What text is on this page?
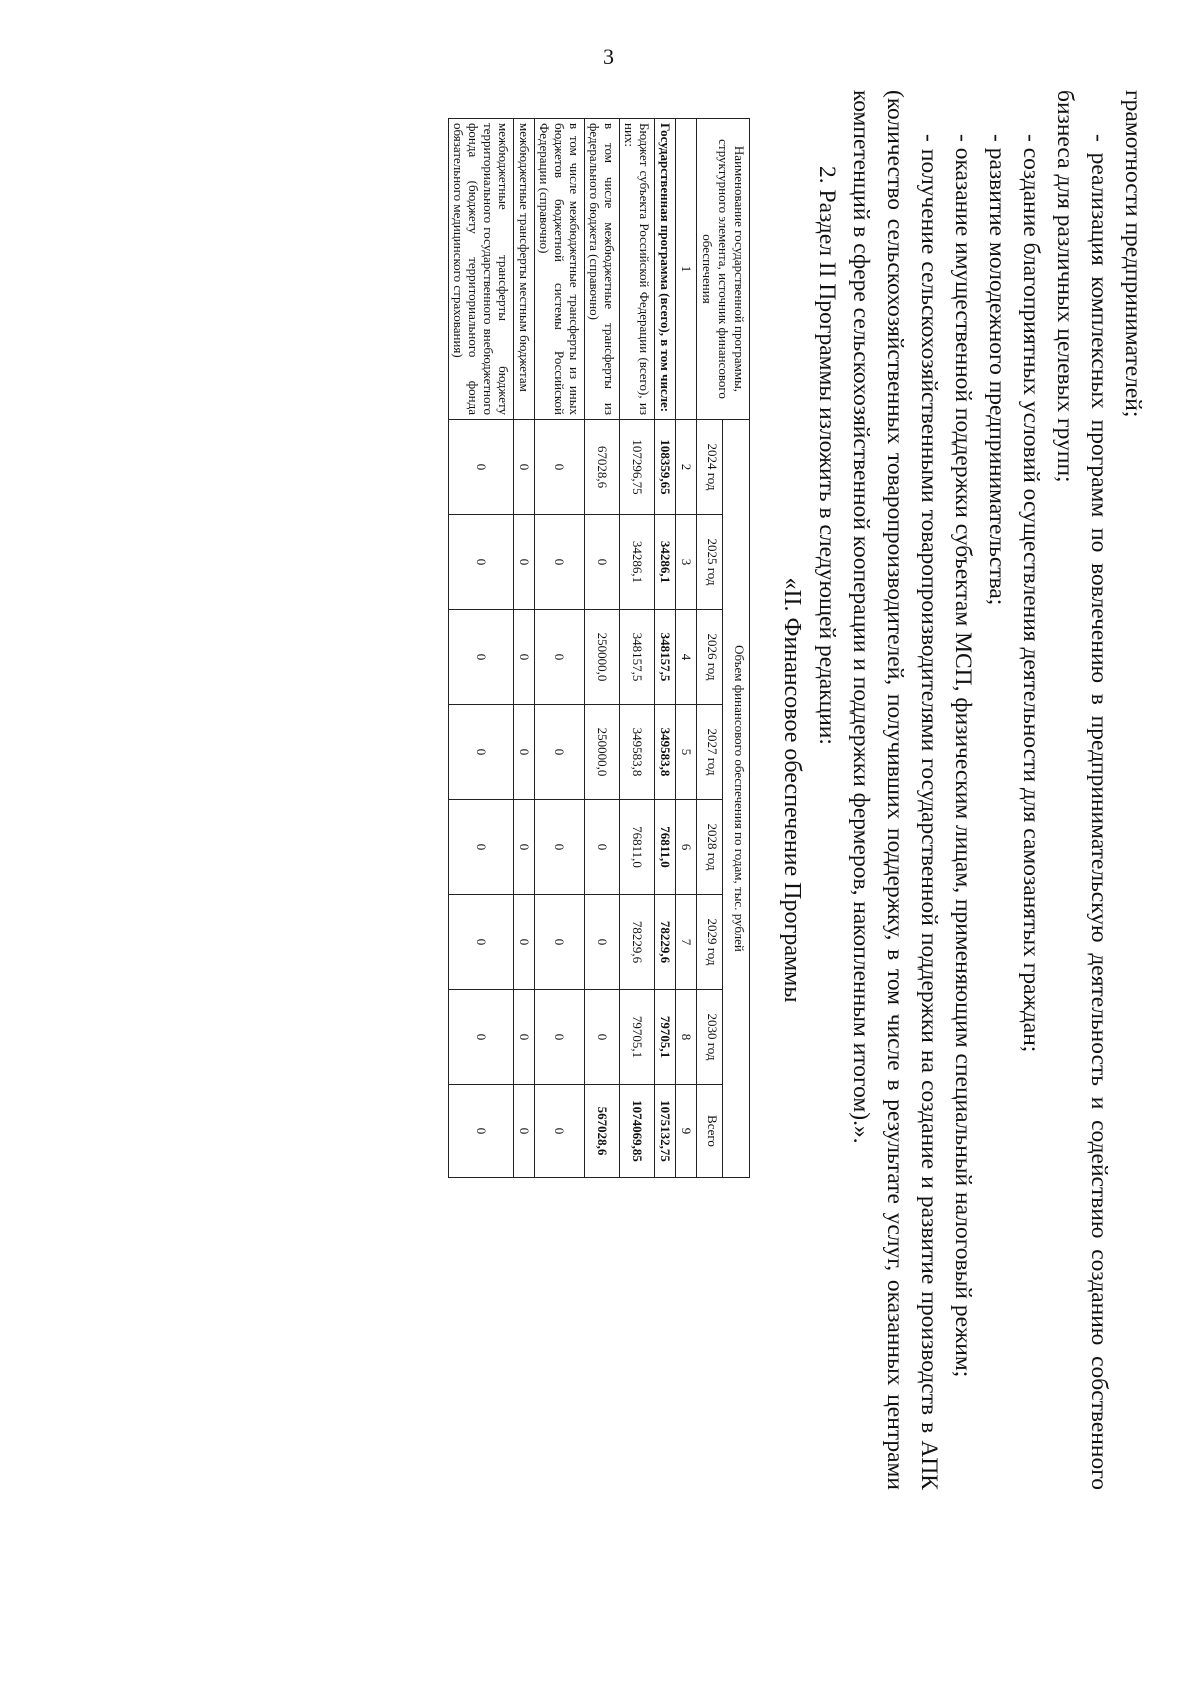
3

грамотности предпринимателей;

- реализация комплексных программ по вовлечению в предпринимательскую деятельность и содействию созданию собственного бизнеса для различных целевых групп;

- создание благоприятных условий осуществления деятельности для самозанятых граждан;

- развитие молодежного предпринимательства;

- оказание имущественной поддержки субъектам МСП, физическим лицам, применяющим специальный налоговый режим;

- получение сельскохозяйственными товаропроизводителями государственной поддержки на создание и развитие производств в АПК (количество сельскохозяйственных товаропроизводителей, получивших поддержку, в том числе в результате услуг, оказанных центрами компетенций в сфере сельскохозяйственной кооперации и поддержки фермеров, накопленным итогом).».

2. Раздел II Программы изложить в следующей редакции:

«II. Финансовое обеспечение Программы
Наименование государственной программы, структурного элемента, источник финансового обеспечения	Объем финансового обеспечения по годам, тыс. рублей							
	2024 год	2025 год	2026 год	2027 год	2028 год	2029 год	2030 год	Всего
1	2	3	4	5	6	7	8	9
Государственная программа (всего), в том числе:	108359,65	34286,1	348157,5	349583,8	76811,0	78229,6	79705,1	1075132,75
Бюджет субъекта Российской Федерации (всего), из них:	107296,75	34286,1	348157,5	349583,8	76811,0	78229,6	79705,1	1074069,85
в том числе межбюджетные трансферты из федерального бюджета (справочно)	67028,6	0	250000,0	250000,0	0	0	0	567028,6
в том числе межбюджетные трансферты из иных бюджетов бюджетной системы Российской Федерации (справочно)	0	0	0	0	0	0	0	0
межбюджетные трансферты местным бюджетам	0	0	0	0	0	0	0	0
межбюджетные трансферты бюджету территориального государственного внебюджетного фонда (бюджету территориального фонда обязательного медицинского страхования)	0	0	0	0	0	0	0	0
